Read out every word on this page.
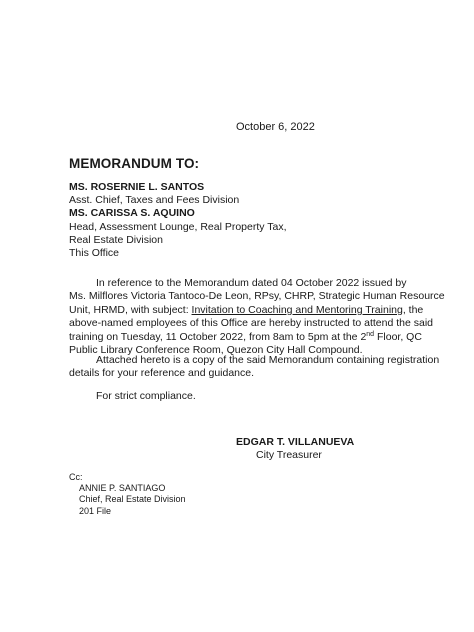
October 6, 2022
MEMORANDUM TO:
MS. ROSERNIE L. SANTOS
Asst. Chief, Taxes and Fees Division
MS. CARISSA S. AQUINO
Head, Assessment Lounge, Real Property Tax,
Real Estate Division
This Office
In reference to the Memorandum dated 04 October 2022 issued by
Ms. Milflores Victoria Tantoco-De Leon, RPsy, CHRP, Strategic Human Resource
Unit, HRMD, with subject: Invitation to Coaching and Mentoring Training, the
above-named employees of this Office are hereby instructed to attend the said
training on Tuesday, 11 October 2022, from 8am to 5pm at the 2nd Floor, QC
Public Library Conference Room, Quezon City Hall Compound.
Attached hereto is a copy of the said Memorandum containing registration
details for your reference and guidance.
For strict compliance.
EDGAR T. VILLANUEVA
City Treasurer
Cc:
ANNIE P. SANTIAGO
Chief, Real Estate Division
201 File
